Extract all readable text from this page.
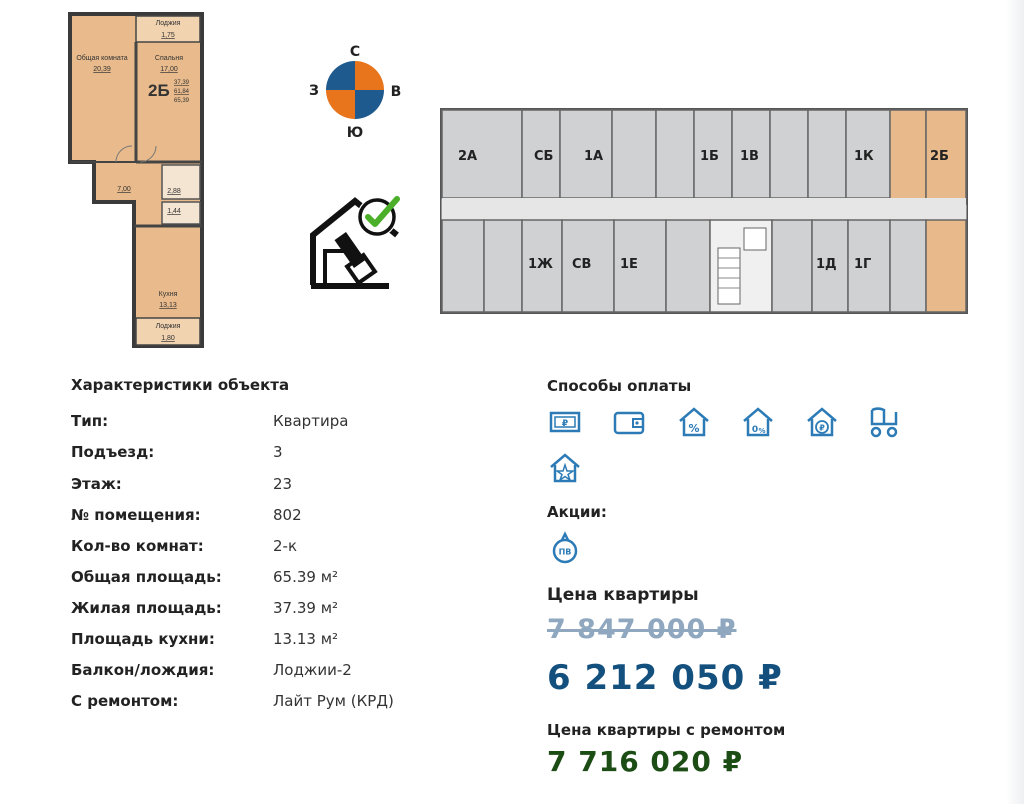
Лоджия
1,75
Общая комната
20,39
Спальня
17,00
2Б 37,39
61,84
65,39
7,00	2,88
1,44
Кухня
13,13
Лоджия
1,80
С
Ю
З	В
2А	СБ 1А	1Б 1В	1К	2Б
1Ж СВ 1Е	1Д 1Г
Характеристики объекта
Тип:	Квартира
Подъезд:	3
Этаж:	23
№ помещения:	802
Кол-во комнат:	2-к
Общая площадь:	65.39 м²
Жилая площадь:	37.39 м²
Площадь кухни:	13.13 м²
Балкон/лождия:	Лоджии-2
С ремонтом:	Лайт Рум (КРД)
Способы оплаты
₽	%	0 %	₽
Акции:
ПВ
Цена квартиры
7 847 000 ₽
6 212 050 ₽
Цена квартиры с ремонтом
7 716 020 ₽
